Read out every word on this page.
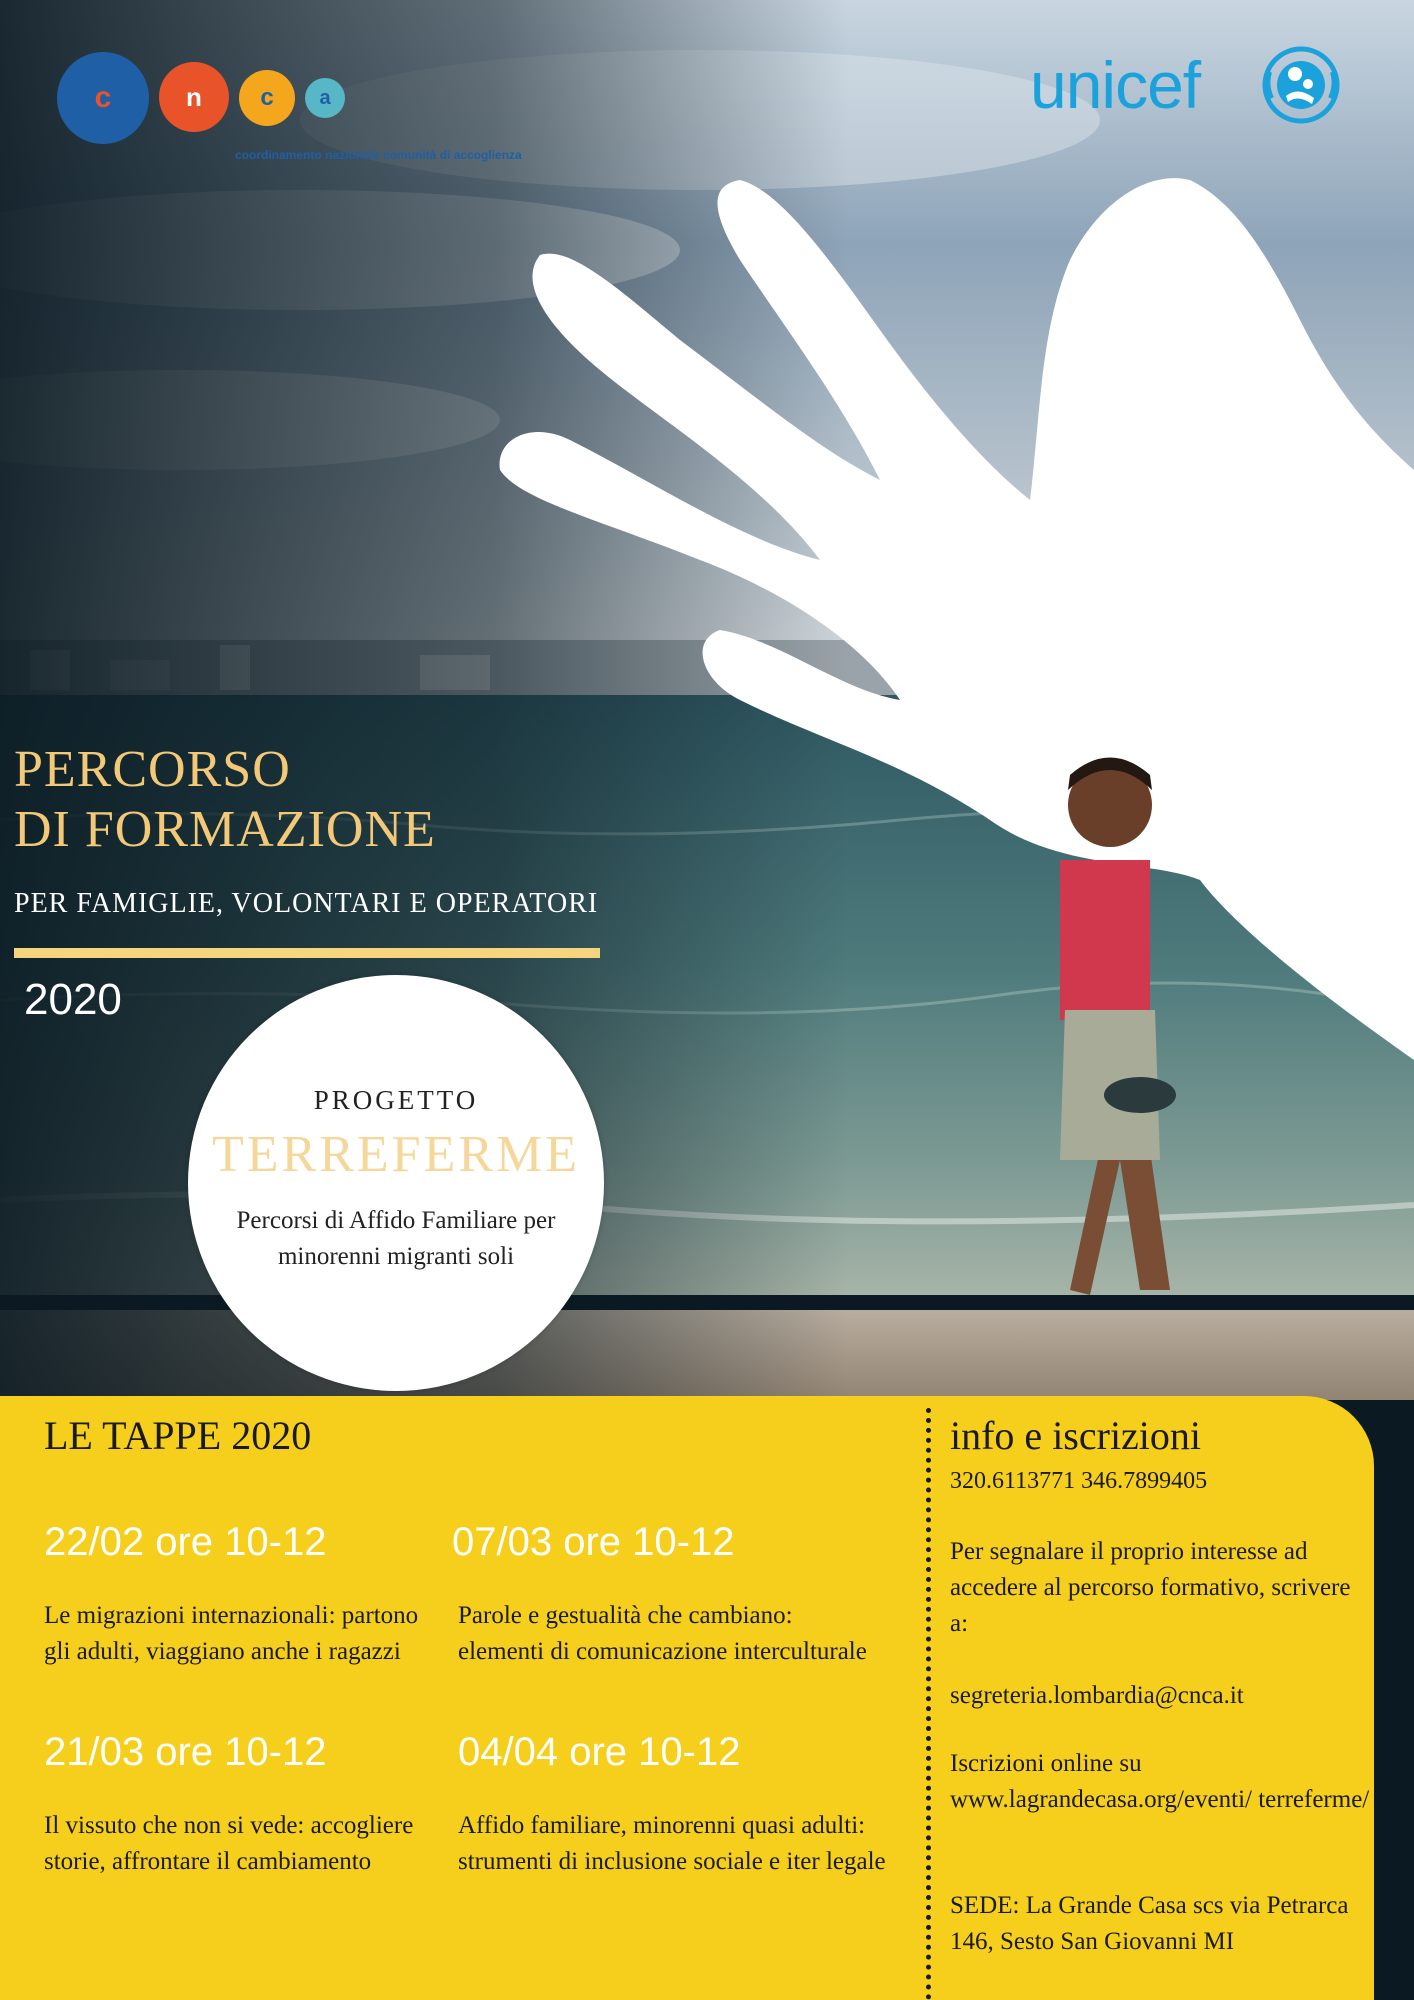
c	n	c	a
coordinamento nazionale comunità di accoglienza
unicef
PERCORSO
DI FORMAZIONE
PER FAMIGLIE, VOLONTARI E OPERATORI
2020
PROGETTO
TERREFERME
Percorsi di Affido Familiare per minorenni migranti soli
LE TAPPE 2020
22/02 ore 10-12
Le migrazioni internazionali: partono gli adulti, viaggiano anche i ragazzi
07/03 ore 10-12
Parole e gestualità che cambiano: elementi di comunicazione interculturale
21/03 ore 10-12
Il vissuto che non si vede: accogliere storie, affrontare il cambiamento
04/04 ore 10-12
Affido familiare, minorenni quasi adulti: strumenti di inclusione sociale e iter legale
info e iscrizioni
320.6113771 346.7899405
Per segnalare il proprio interesse ad accedere al percorso formativo, scrivere a:
segreteria.lombardia@cnca.it
Iscrizioni online su
www.lagrandecasa.org/eventi/ terreferme/
SEDE: La Grande Casa scs via Petrarca 146, Sesto San Giovanni MI
